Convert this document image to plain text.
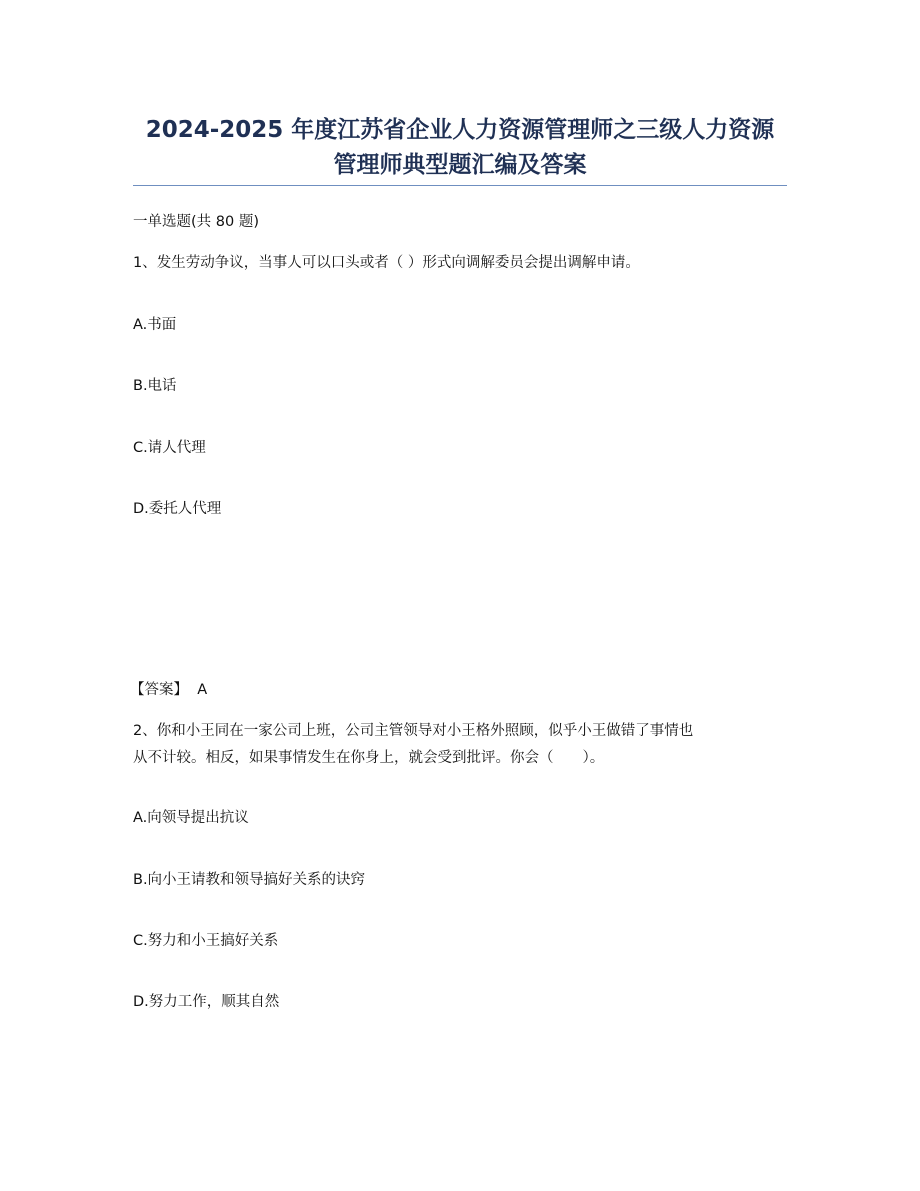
2024-2025 年度江苏省企业人力资源管理师之三级人力资源
管理师典型题汇编及答案
一单选题(共 80 题)
1、发生劳动争议，当事人可以口头或者（ ）形式向调解委员会提出调解申请。
A.书面
B.电话
C.请人代理
D.委托人代理
【答案】  A
2、你和小王同在一家公司上班，公司主管领导对小王格外照顾，似乎小王做错了事情也
从不计较。相反，如果事情发生在你身上，就会受到批评。你会（　　）。
A.向领导提出抗议
B.向小王请教和领导搞好关系的诀窍
C.努力和小王搞好关系
D.努力工作，顺其自然
